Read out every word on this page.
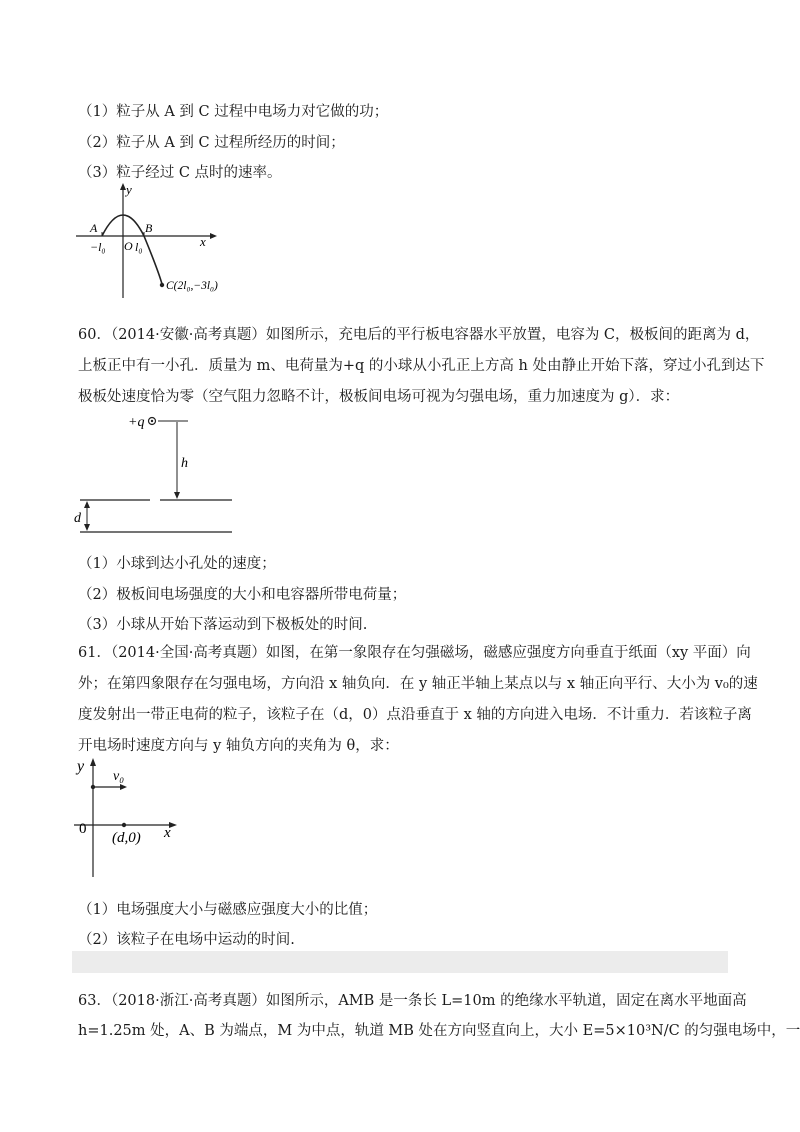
（1）粒子从 A 到 C 过程中电场力对它做的功；
（2）粒子从 A 到 C 过程所经历的时间；
（3）粒子经过 C 点时的速率。
y
x
A	B
−l₀ O l₀
C(2l₀,−3l₀)
60．（2014·安徽·高考真题）如图所示，充电后的平行板电容器水平放置，电容为 C，极板间的距离为 d，
上板正中有一小孔．质量为 m、电荷量为+q 的小球从小孔正上方高 h 处由静止开始下落，穿过小孔到达下
极板处速度恰为零（空气阻力忽略不计，极板间电场可视为匀强电场，重力加速度为 g）．求：
+q
h
d
（1）小球到达小孔处的速度；
（2）极板间电场强度的大小和电容器所带电荷量；
（3）小球从开始下落运动到下极板处的时间.
61．（2014·全国·高考真题）如图，在第一象限存在匀强磁场，磁感应强度方向垂直于纸面（xy 平面）向
外；在第四象限存在匀强电场，方向沿 x 轴负向．在 y 轴正半轴上某点以与 x 轴正向平行、大小为 v₀的速
度发射出一带正电荷的粒子，该粒子在（d，0）点沿垂直于 x 轴的方向进入电场．不计重力．若该粒子离
开电场时速度方向与 y 轴负方向的夹角为 θ，求：
y
v₀
0
(d,0) x
（1）电场强度大小与磁感应强度大小的比值；
（2）该粒子在电场中运动的时间.
63．（2018·浙江·高考真题）如图所示，AMB 是一条长 L=10m 的绝缘水平轨道，固定在离水平地面高
h=1.25m 处，A、B 为端点，M 为中点，轨道 MB 处在方向竖直向上，大小 E=5×10³N/C 的匀强电场中，一
